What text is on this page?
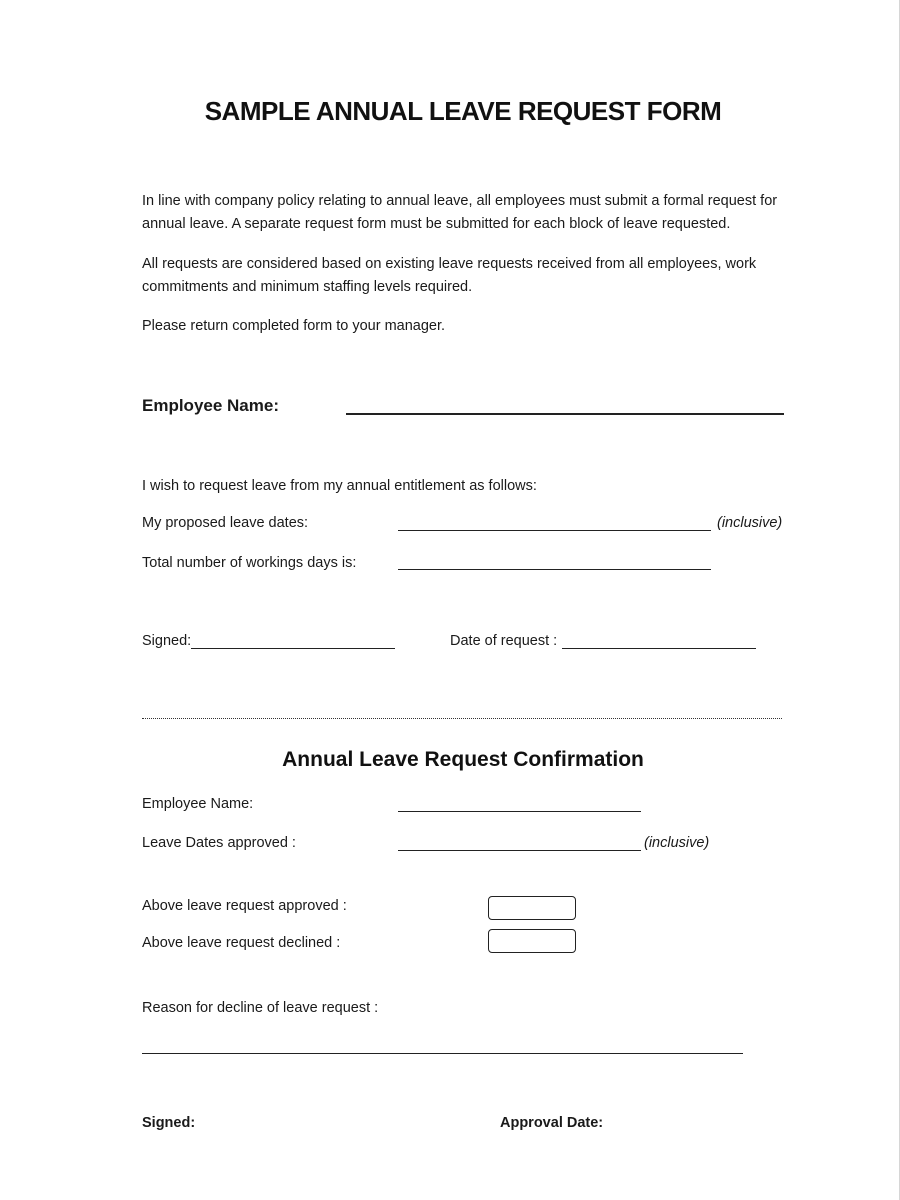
SAMPLE ANNUAL LEAVE REQUEST FORM
In line with company policy relating to annual leave, all employees must submit a formal request for annual leave. A separate request form must be submitted for each block of leave requested.
All requests are considered based on existing leave requests received from all employees, work commitments and minimum staffing levels required.
Please return completed form to your manager.
Employee Name:
I wish to request leave from my annual entitlement as follows:
My proposed leave dates:	(inclusive)
Total number of workings days is:
Signed:	Date of request :
Annual Leave Request Confirmation
Employee Name:
Leave Dates approved :	(inclusive)
Above leave request approved :
Above leave request declined :
Reason for decline of leave request :
Signed:	Approval Date:
